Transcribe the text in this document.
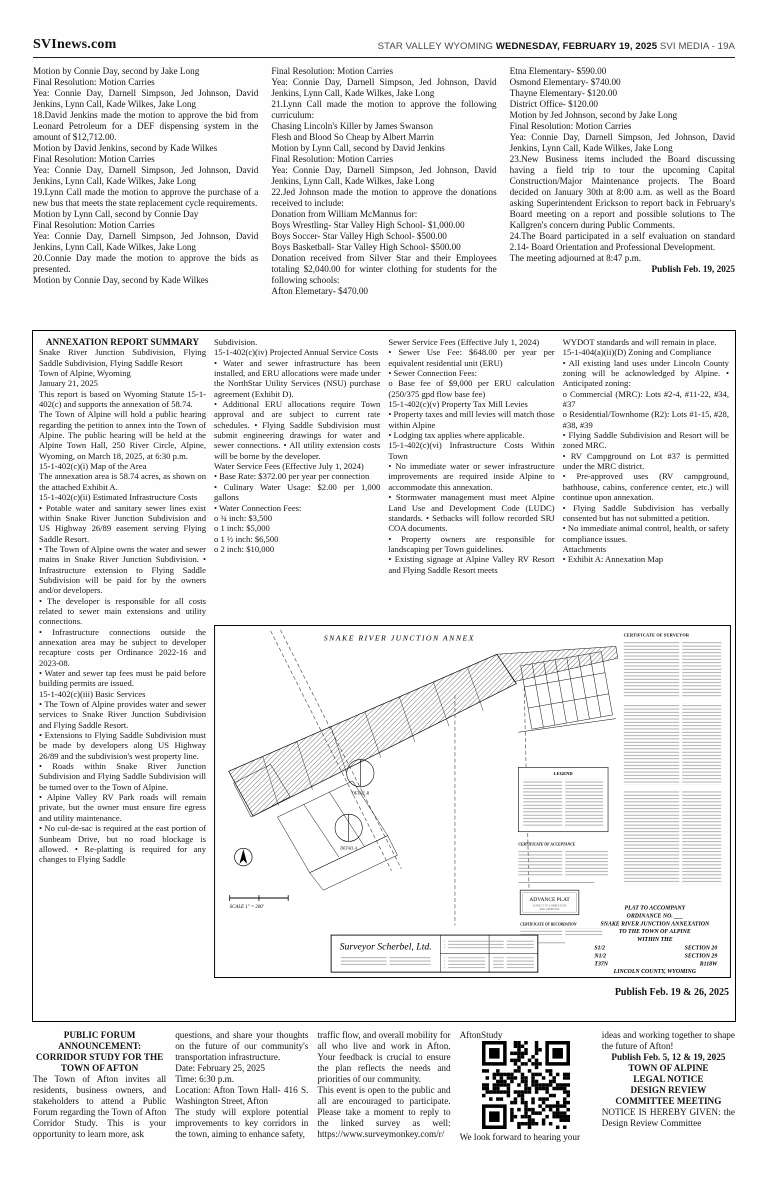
SVInews.com	STAR VALLEY WYOMING WEDNESDAY, FEBRUARY 19, 2025 SVI MEDIA - 19A

Motion by Connie Day, second by Jake Long

Final Resolution: Motion Carries

Yea: Connie Day, Darnell Simpson, Jed Johnson, David Jenkins, Lynn Call, Kade Wilkes, Jake Long

18.David Jenkins made the motion to approve the bid from Leonard Petroleum for a DEF dispensing system in the amount of $12,712.00.

Motion by David Jenkins, second by Kade Wilkes

Final Resolution: Motion Carries

Yea: Connie Day, Darnell Simpson, Jed Johnson, David Jenkins, Lynn Call, Kade Wilkes, Jake Long

19.Lynn Call made the motion to approve the purchase of a new bus that meets the state replacement cycle requirements.

Motion by Lynn Call, second by Connie Day

Final Resolution: Motion Carries

Yea: Connie Day, Darnell Simpson, Jed Johnson, David Jenkins, Lynn Call, Kade Wilkes, Jake Long

20.Connie Day made the motion to approve the bids as presented.

Motion by Connie Day, second by Kade Wilkes

Final Resolution: Motion Carries

Yea: Connie Day, Darnell Simpson, Jed Johnson, David Jenkins, Lynn Call, Kade Wilkes, Jake Long

21.Lynn Call made the motion to approve the following curriculum:

Chasing Lincoln's Killer by James Swanson

Flesh and Blood So Cheap by Albert Marrin

Motion by Lynn Call, second by David Jenkins

Final Resolution: Motion Carries

Yea: Connie Day, Darnell Simpson, Jed Johnson, David Jenkins, Lynn Call, Kade Wilkes, Jake Long

22.Jed Johnson made the motion to approve the donations received to include:

Donation from William McMannus for:

Boys Wrestling- Star Valley High School- $1,000.00

Boys Soccer- Star Valley High School- $500.00

Boys Basketball- Star Valley High School- $500.00

Donation received from Silver Star and their Employees totaling $2,040.00 for winter clothing for students for the following schools:

Afton Elemetary- $470.00

Etna Elementary- $590.00

Osmond Elementary- $740.00

Thayne Elementary- $120.00

District Office- $120.00

Motion by Jed Johnson, second by Jake Long

Final Resolution: Motion Carries

Yea: Connie Day, Darnell Simpson, Jed Johnson, David Jenkins, Lynn Call, Kade Wilkes, Jake Long

23.New Business items included the Board discussing having a field trip to tour the upcoming Capital Construction/Major Maintenance projects. The Board decided on January 30th at 8:00 a.m. as well as the Board asking Superintendent Erickson to report back in February's Board meeting on a report and possible solutions to The Kallgren's concern during Public Comments.

24.The Board participated in a self evaluation on standard 2.14- Board Orientation and Professional Development.

The meeting adjourned at 8:47 p.m.

Publish Feb. 19, 2025

ANNEXATION REPORT SUMMARY

Snake River Junction Subdivision, Flying Saddle Subdivision, Flying Saddle Resort

Town of Alpine, Wyoming

January 21, 2025

This report is based on Wyoming Statute 15-1-402(c) and supports the annexation of 58.74.

The Town of Alpine will hold a public hearing regarding the petition to annex into the Town of Alpine. The public hearing will be held at the Alpine Town Hall, 250 River Circle, Alpine, Wyoming, on March 18, 2025, at 6:30 p.m.

15-1-402(c)(i) Map of the Area

The annexation area is 58.74 acres, as shown on the attached Exhibit A.

15-1-402(c)(ii) Estimated Infrastructure Costs

• Potable water and sanitary sewer lines exist within Snake River Junction Subdivision and US Highway 26/89 easement serving Flying Saddle Resort.

• The Town of Alpine owns the water and sewer mains in Snake River Junction Subdivision. • Infrastructure extension to Flying Saddle Subdivision will be paid for by the owners and/or developers.

• The developer is responsible for all costs related to sewer main extensions and utility connections.

• Infrastructure connections outside the annexation area may be subject to developer recapture costs per Ordinance 2022-16 and 2023-08.

• Water and sewer tap fees must be paid before building permits are issued.

15-1-402(c)(iii) Basic Services

• The Town of Alpine provides water and sewer services to Snake River Junction Subdivision and Flying Saddle Resort.

• Extensions to Flying Saddle Subdivision must be made by developers along US Highway 26/89 and the subdivision's west property line.

• Roads within Snake River Junction Subdivision and Flying Saddle Subdivision will be turned over to the Town of Alpine.

• Alpine Valley RV Park roads will remain private, but the owner must ensure fire egress and utility maintenance.

• No cul-de-sac is required at the east portion of Sunbeam Drive, but no road blockage is allowed. • Re-platting is required for any changes to Flying Saddle

Subdivision.

15-1-402(c)(iv) Projected Annual Service Costs

• Water and sewer infrastructure has been installed, and ERU allocations were made under the NorthStar Utility Services (NSU) purchase agreement (Exhibit D).

• Additional ERU allocations require Town approval and are subject to current rate schedules. • Flying Saddle Subdivision must submit engineering drawings for water and sewer connections. • All utility extension costs will be borne by the developer.

Water Service Fees (Effective July 1, 2024)

• Base Rate: $372.00 per year per connection

• Culinary Water Usage: $2.00 per 1,000 gallons

• Water Connection Fees:

o ¾ inch: $3,500

o 1 inch: $5,000

o 1 ½ inch: $6,500

o 2 inch: $10,000

Sewer Service Fees (Effective July 1, 2024)

• Sewer Use Fee: $648.00 per year per equivalent residential unit (ERU)

• Sewer Connection Fees:

o Base fee of $9,000 per ERU calculation (250/375 gpd flow base fee)

15-1-402(c)(v) Property Tax Mill Levies

• Property taxes and mill levies will match those within Alpine

• Lodging tax applies where applicable.

15-1-402(c)(vi) Infrastructure Costs Within Town

• No immediate water or sewer infrastructure improvements are required inside Alpine to accommodate this annexation.

• Stormwater management must meet Alpine Land Use and Development Code (LUDC) standards. • Setbacks will follow recorded SRJ COA documents.

• Property owners are responsible for landscaping per Town guidelines.

• Existing signage at Alpine Valley RV Resort and Flying Saddle Resort meets

WYDOT standards and will remain in place.

15-1-404(a)(ii)(D) Zoning and Compliance

• All existing land uses under Lincoln County zoning will be acknowledged by Alpine. • Anticipated zoning:

o Commercial (MRC): Lots #2-4, #11-22, #34, #37

o Residential/Townhome (R2): Lots #1-15, #28, #38, #39

• Flying Saddle Subdivision and Resort will be zoned MRC.

• RV Campground on Lot #37 is permitted under the MRC district.

• Pre-approved uses (RV campground, bathhouse, cabins, conference center, etc.) will continue upon annexation.

• Flying Saddle Subdivision has verbally consented but has not submitted a petition.

• No immediate animal control, health, or safety compliance issues.

Attachments

• Exhibit A: Annexation Map

SNAKE RIVER JUNCTION ANNEX
DETAIL B
DETAIL A
SCALE 1" = 200'
CERTIFICATE OF SURVEYOR
LEGEND
CERTIFICATE OF ACCEPTANCE
ADVANCE PLAT
SUBJECT TO CORRECTION
AND APPROVAL
CERTIFICATE OF RECORDATION
Surveyor Scherbel, Ltd.
PLAT TO ACCOMPANY
ORDINANCE NO. ___
SNAKE RIVER JUNCTION ANNEXATION
TO THE TOWN OF ALPINE
WITHIN THE
S1/2	SECTION 20
N1/2	SECTION 29
T37N	R118W
LINCOLN COUNTY, WYOMING
Publish Feb. 19 & 26, 2025

PUBLIC FORUM

ANNOUNCEMENT:

CORRIDOR STUDY FOR THE

TOWN OF AFTON

The Town of Afton invites all residents, business owners, and stakeholders to attend a Public Forum regarding the Town of Afton Corridor Study. This is your opportunity to learn more, ask

questions, and share your thoughts on the future of our community's transportation infrastructure.

Date: February 25, 2025

Time: 6:30 p.m.

Location: Afton Town Hall- 416 S. Washington Street, Afton

The study will explore potential improvements to key corridors in the town, aiming to enhance safety,

traffic flow, and overall mobility for all who live and work in Afton. Your feedback is crucial to ensure the plan reflects the needs and priorities of our community.

This event is open to the public and all are encouraged to participate. Please take a moment to reply to the linked survey as well: https://www.surveymonkey.com/r/

AftonStudy

We look forward to hearing your

ideas and working together to shape the future of Afton!

Publish Feb. 5, 12 & 19, 2025

TOWN OF ALPINE

LEGAL NOTICE

DESIGN REVIEW

COMMITTEE MEETING

NOTICE IS HEREBY GIVEN: the Design Review Committee
